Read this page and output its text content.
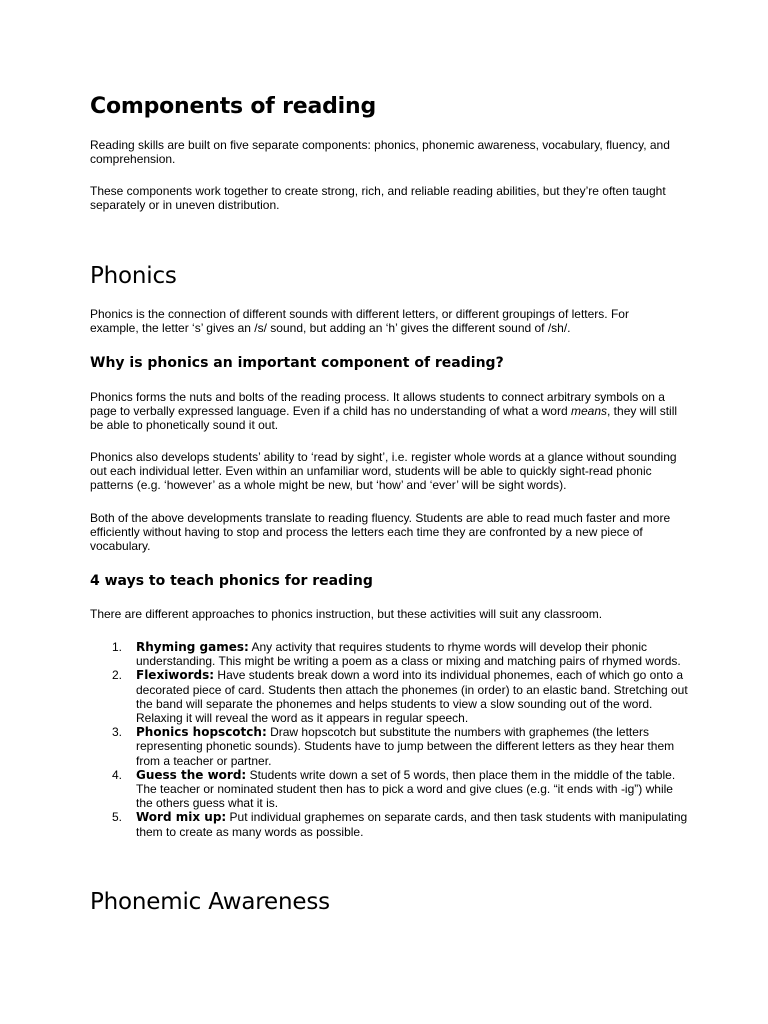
Components of reading

Reading skills are built on five separate components: phonics, phonemic awareness, vocabulary, fluency, and comprehension.

These components work together to create strong, rich, and reliable reading abilities, but they’re often taught separately or in uneven distribution.

Phonics

Phonics is the connection of different sounds with different letters, or different groupings of letters. For example, the letter ‘s’ gives an /s/ sound, but adding an ‘h’ gives the different sound of /sh/.

Why is phonics an important component of reading?

Phonics forms the nuts and bolts of the reading process. It allows students to connect arbitrary symbols on a page to verbally expressed language. Even if a child has no understanding of what a word means, they will still be able to phonetically sound it out.

Phonics also develops students’ ability to ‘read by sight’, i.e. register whole words at a glance without sounding out each individual letter. Even within an unfamiliar word, students will be able to quickly sight-read phonic patterns (e.g. ‘however’ as a whole might be new, but ‘how’ and ‘ever’ will be sight words).

Both of the above developments translate to reading fluency. Students are able to read much faster and more efficiently without having to stop and process the letters each time they are confronted by a new piece of vocabulary.

4 ways to teach phonics for reading

There are different approaches to phonics instruction, but these activities will suit any classroom.

1. Rhyming games: Any activity that requires students to rhyme words will develop their phonic understanding. This might be writing a poem as a class or mixing and matching pairs of rhymed words.
2. Flexiwords: Have students break down a word into its individual phonemes, each of which go onto a decorated piece of card. Students then attach the phonemes (in order) to an elastic band. Stretching out the band will separate the phonemes and helps students to view a slow sounding out of the word. Relaxing it will reveal the word as it appears in regular speech.
3. Phonics hopscotch: Draw hopscotch but substitute the numbers with graphemes (the letters representing phonetic sounds). Students have to jump between the different letters as they hear them from a teacher or partner.
4. Guess the word: Students write down a set of 5 words, then place them in the middle of the table. The teacher or nominated student then has to pick a word and give clues (e.g. “it ends with -ig”) while the others guess what it is.
5. Word mix up: Put individual graphemes on separate cards, and then task students with manipulating them to create as many words as possible.
Phonemic Awareness
